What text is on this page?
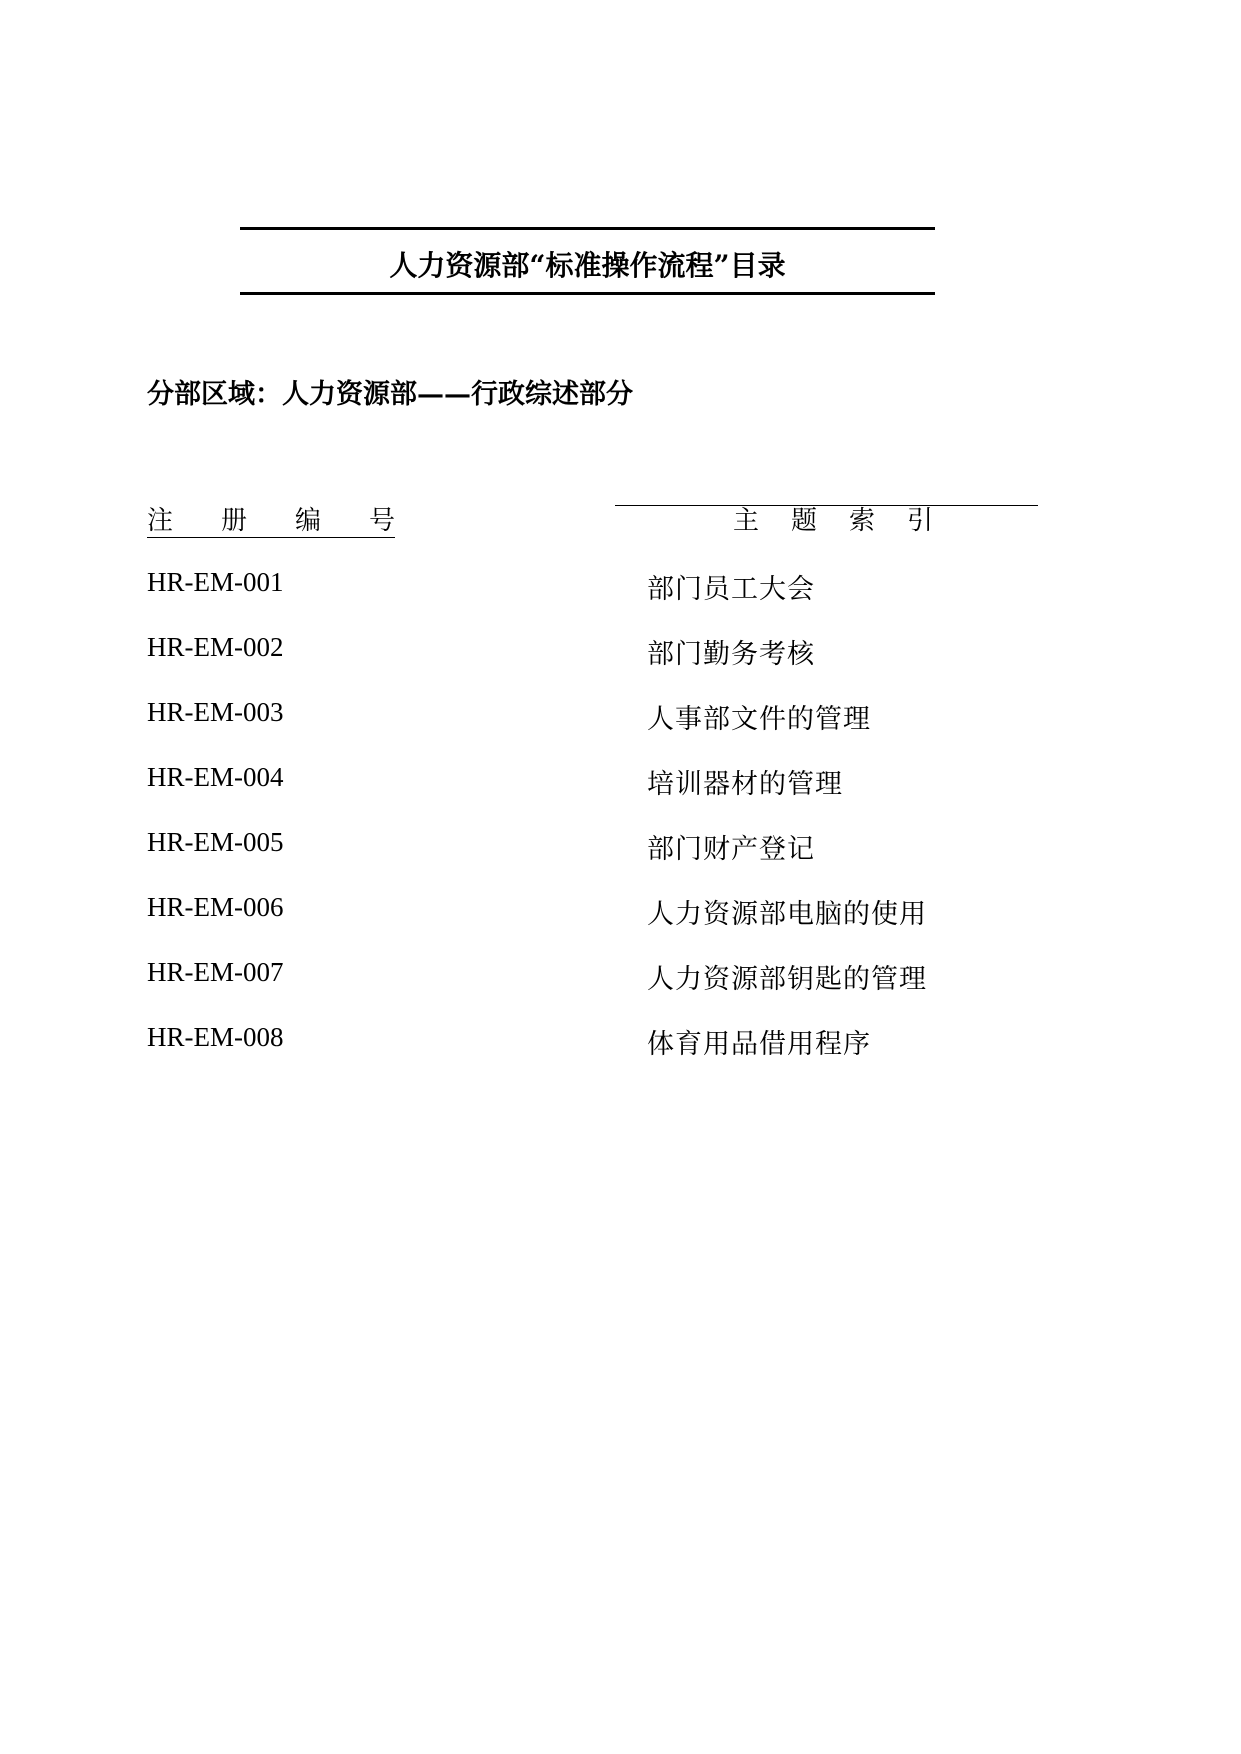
人力资源部“标准操作流程”目录
分部区域：人力资源部——行政综述部分
注 册 编 号	主 题 索 引
HR-EM-001	部门员工大会
HR-EM-002	部门勤务考核
HR-EM-003	人事部文件的管理
HR-EM-004	培训器材的管理
HR-EM-005	部门财产登记
HR-EM-006	人力资源部电脑的使用
HR-EM-007	人力资源部钥匙的管理
HR-EM-008	体育用品借用程序
